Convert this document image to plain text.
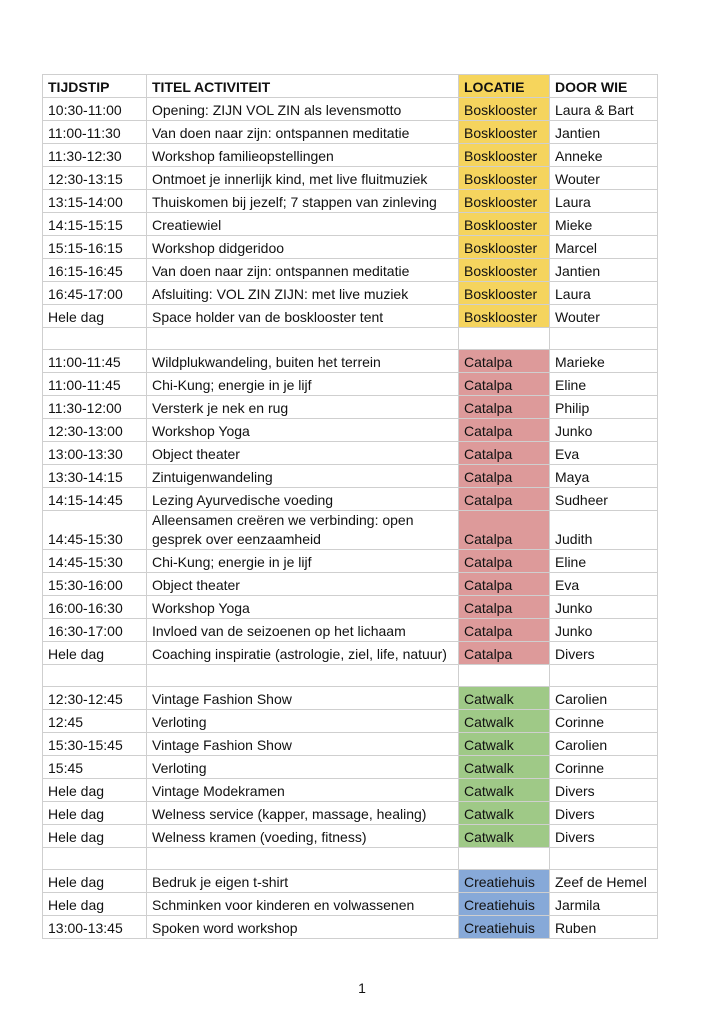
TIJDSTIP	TITEL ACTIVITEIT	LOCATIE	DOOR WIE
10:30-11:00	Opening: ZIJN VOL ZIN als levensmotto	Bosklooster	Laura & Bart
11:00-11:30	Van doen naar zijn: ontspannen meditatie	Bosklooster	Jantien
11:30-12:30	Workshop familieopstellingen	Bosklooster	Anneke
12:30-13:15	Ontmoet je innerlijk kind, met live fluitmuziek	Bosklooster	Wouter
13:15-14:00	Thuiskomen bij jezelf; 7 stappen van zinleving	Bosklooster	Laura
14:15-15:15	Creatiewiel	Bosklooster	Mieke
15:15-16:15	Workshop didgeridoo	Bosklooster	Marcel
16:15-16:45	Van doen naar zijn: ontspannen meditatie	Bosklooster	Jantien
16:45-17:00	Afsluiting: VOL ZIN ZIJN: met live muziek	Bosklooster	Laura
Hele dag	Space holder van de bosklooster tent	Bosklooster	Wouter

11:00-11:45	Wildplukwandeling, buiten het terrein	Catalpa	Marieke
11:00-11:45	Chi-Kung; energie in je lijf	Catalpa	Eline
11:30-12:00	Versterk je nek en rug	Catalpa	Philip
12:30-13:00	Workshop Yoga	Catalpa	Junko
13:00-13:30	Object theater	Catalpa	Eva
13:30-14:15	Zintuigenwandeling	Catalpa	Maya
14:15-14:45	Lezing Ayurvedische voeding	Catalpa	Sudheer
14:45-15:30	Alleensamen creëren we verbinding: open gesprek over eenzaamheid	Catalpa	Judith
14:45-15:30	Chi-Kung; energie in je lijf	Catalpa	Eline
15:30-16:00	Object theater	Catalpa	Eva
16:00-16:30	Workshop Yoga	Catalpa	Junko
16:30-17:00	Invloed van de seizoenen op het lichaam	Catalpa	Junko
Hele dag	Coaching inspiratie (astrologie, ziel, life, natuur)	Catalpa	Divers

12:30-12:45	Vintage Fashion Show	Catwalk	Carolien
12:45	Verloting	Catwalk	Corinne
15:30-15:45	Vintage Fashion Show	Catwalk	Carolien
15:45	Verloting	Catwalk	Corinne
Hele dag	Vintage Modekramen	Catwalk	Divers
Hele dag	Welness service (kapper, massage, healing)	Catwalk	Divers
Hele dag	Welness kramen (voeding, fitness)	Catwalk	Divers

Hele dag	Bedruk je eigen t-shirt	Creatiehuis	Zeef de Hemel
Hele dag	Schminken voor kinderen en volwassenen	Creatiehuis	Jarmila
13:00-13:45	Spoken word workshop	Creatiehuis	Ruben
1
